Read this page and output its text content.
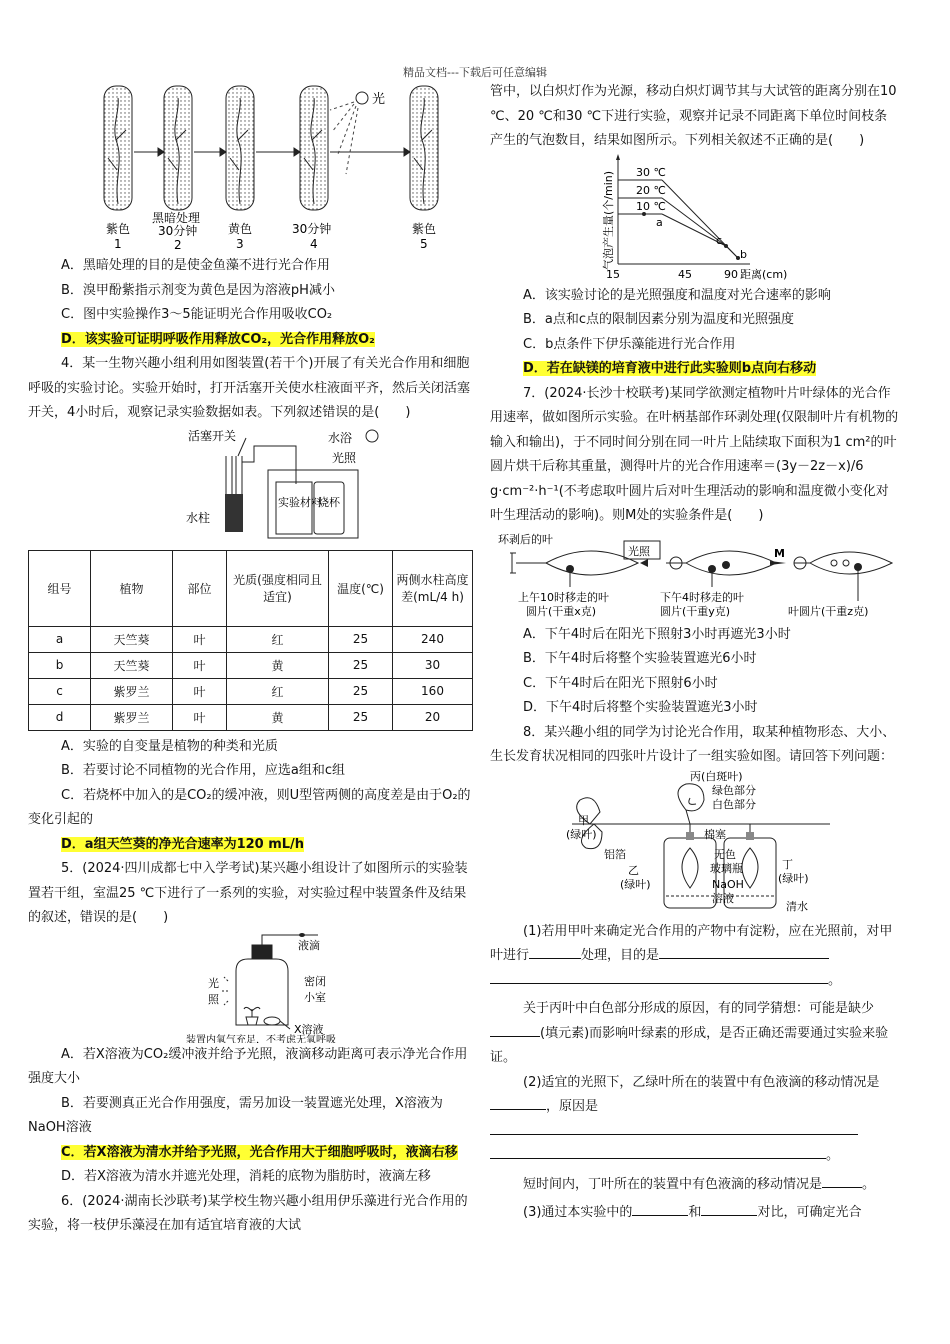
精品文档---下载后可任意编辑
光
紫色
1
黑暗处理
30分钟
2
黄色
3
30分钟
4
紫色
5

A．黑暗处理的目的是使金鱼藻不进行光合作用

B．溴甲酚紫指示剂变为黄色是因为溶液pH减小

C．图中实验操作3～5能证明光合作用吸收CO₂

D．该实验可证明呼吸作用释放CO₂，光合作用释放O₂

4．某一生物兴趣小组利用如图装置(若干个)开展了有关光合作用和细胞呼吸的实验讨论。实验开始时，打开活塞开关使水柱液面平齐，然后关闭活塞开关，4小时后，观察记录实验数据如表。下列叙述错误的是(　　)

活塞开关	水浴
光照
实验材料
烧杯
水柱
组号	植物	部位	光质(强度相同且适宜)	温度(℃)	两侧水柱高度差(mL/4 h)
a	天竺葵	叶	红	25	240
b	天竺葵	叶	黄	25	30
c	紫罗兰	叶	红	25	160
d	紫罗兰	叶	黄	25	20

A．实验的自变量是植物的种类和光质

B．若要讨论不同植物的光合作用，应选a组和c组

C．若烧杯中加入的是CO₂的缓冲液，则U型管两侧的高度差是由于O₂的变化引起的

D．a组天竺葵的净光合速率为120 mL/h

5．(2024·四川成都七中入学考试)某兴趣小组设计了如图所示的实验装置若干组，室温25 ℃下进行了一系列的实验，对实验过程中装置条件及结果的叙述，错误的是(　　)

液滴
光
照
密闭
小室
X溶液
装置内氧气充足，不考虑无氧呼吸

A．若X溶液为CO₂缓冲液并给予光照，液滴移动距离可表示净光合作用强度大小

B．若要测真正光合作用强度，需另加设一装置遮光处理，X溶液为NaOH溶液

C．若X溶液为清水并给予光照，光合作用大于细胞呼吸时，液滴右移

D．若X溶液为清水并遮光处理，消耗的底物为脂肪时，液滴左移

6．(2024·湖南长沙联考)某学校生物兴趣小组用伊乐藻进行光合作用的实验，将一枝伊乐藻浸在加有适宜培育液的大试

管中，以白炽灯作为光源，移动白炽灯调节其与大试管的距离分别在10 ℃、20 ℃和30 ℃下进行实验，观察并记录不同距离下单位时间枝条产生的气泡数目，结果如图所示。下列相关叙述不正确的是(　　)

30 ℃
20 ℃
10 ℃
a
c
b
15	45	90 距离(cm)
气泡产生量(个/min)

A．该实验讨论的是光照强度和温度对光合速率的影响

B．a点和c点的限制因素分别为温度和光照强度

C．b点条件下伊乐藻能进行光合作用

D．若在缺镁的培育液中进行此实验则b点向右移动

7．(2024·长沙十校联考)某同学欲测定植物叶片叶绿体的光合作用速率，做如图所示实验。在叶柄基部作环剥处理(仅限制叶片有机物的输入和输出)，于不同时间分别在同一叶片上陆续取下面积为1 cm²的叶圆片烘干后称其重量，测得叶片的光合作用速率＝(3y－2z－x)/6 g·cm⁻²·h⁻¹(不考虑取叶圆片后对叶生理活动的影响和温度微小变化对叶生理活动的影响)。则M处的实验条件是(　　)

环剥后的叶
光照	M
上午10时移走的叶
圆片(干重x克)
下午4时移走的叶
圆片(干重y克)	叶圆片(干重z克)

A．下午4时后在阳光下照射3小时再遮光3小时

B．下午4时后将整个实验装置遮光6小时

C．下午4时后在阳光下照射6小时

D．下午4时后将整个实验装置遮光3小时

8．某兴趣小组的同学为讨论光合作用，取某种植物形态、大小、生长发育状况相同的四张叶片设计了一组实验如图。请回答下列问题：

丙(白斑叶)
绿色部分
白色部分
甲
(绿叶)	棉塞
铝箔
乙
(绿叶)
无色
玻璃瓶
NaOH
溶液
丁
(绿叶)
清水

(1)若用甲叶来确定光合作用的产物中有淀粉，应在光照前，对甲叶进行	处理，目的是
。

关于丙叶中白色部分形成的原因，有的同学猜想：可能是缺少(填元素)而影响叶绿素的形成，是否正确还需要通过实验来验证。

(2)适宜的光照下，乙绿叶所在的装置中有色液滴的移动情况是，原因是

。

短时间内，丁叶所在的装置中有色液滴的移动情况是	。

(3)通过本实验中的	和	对比，可确定光合
